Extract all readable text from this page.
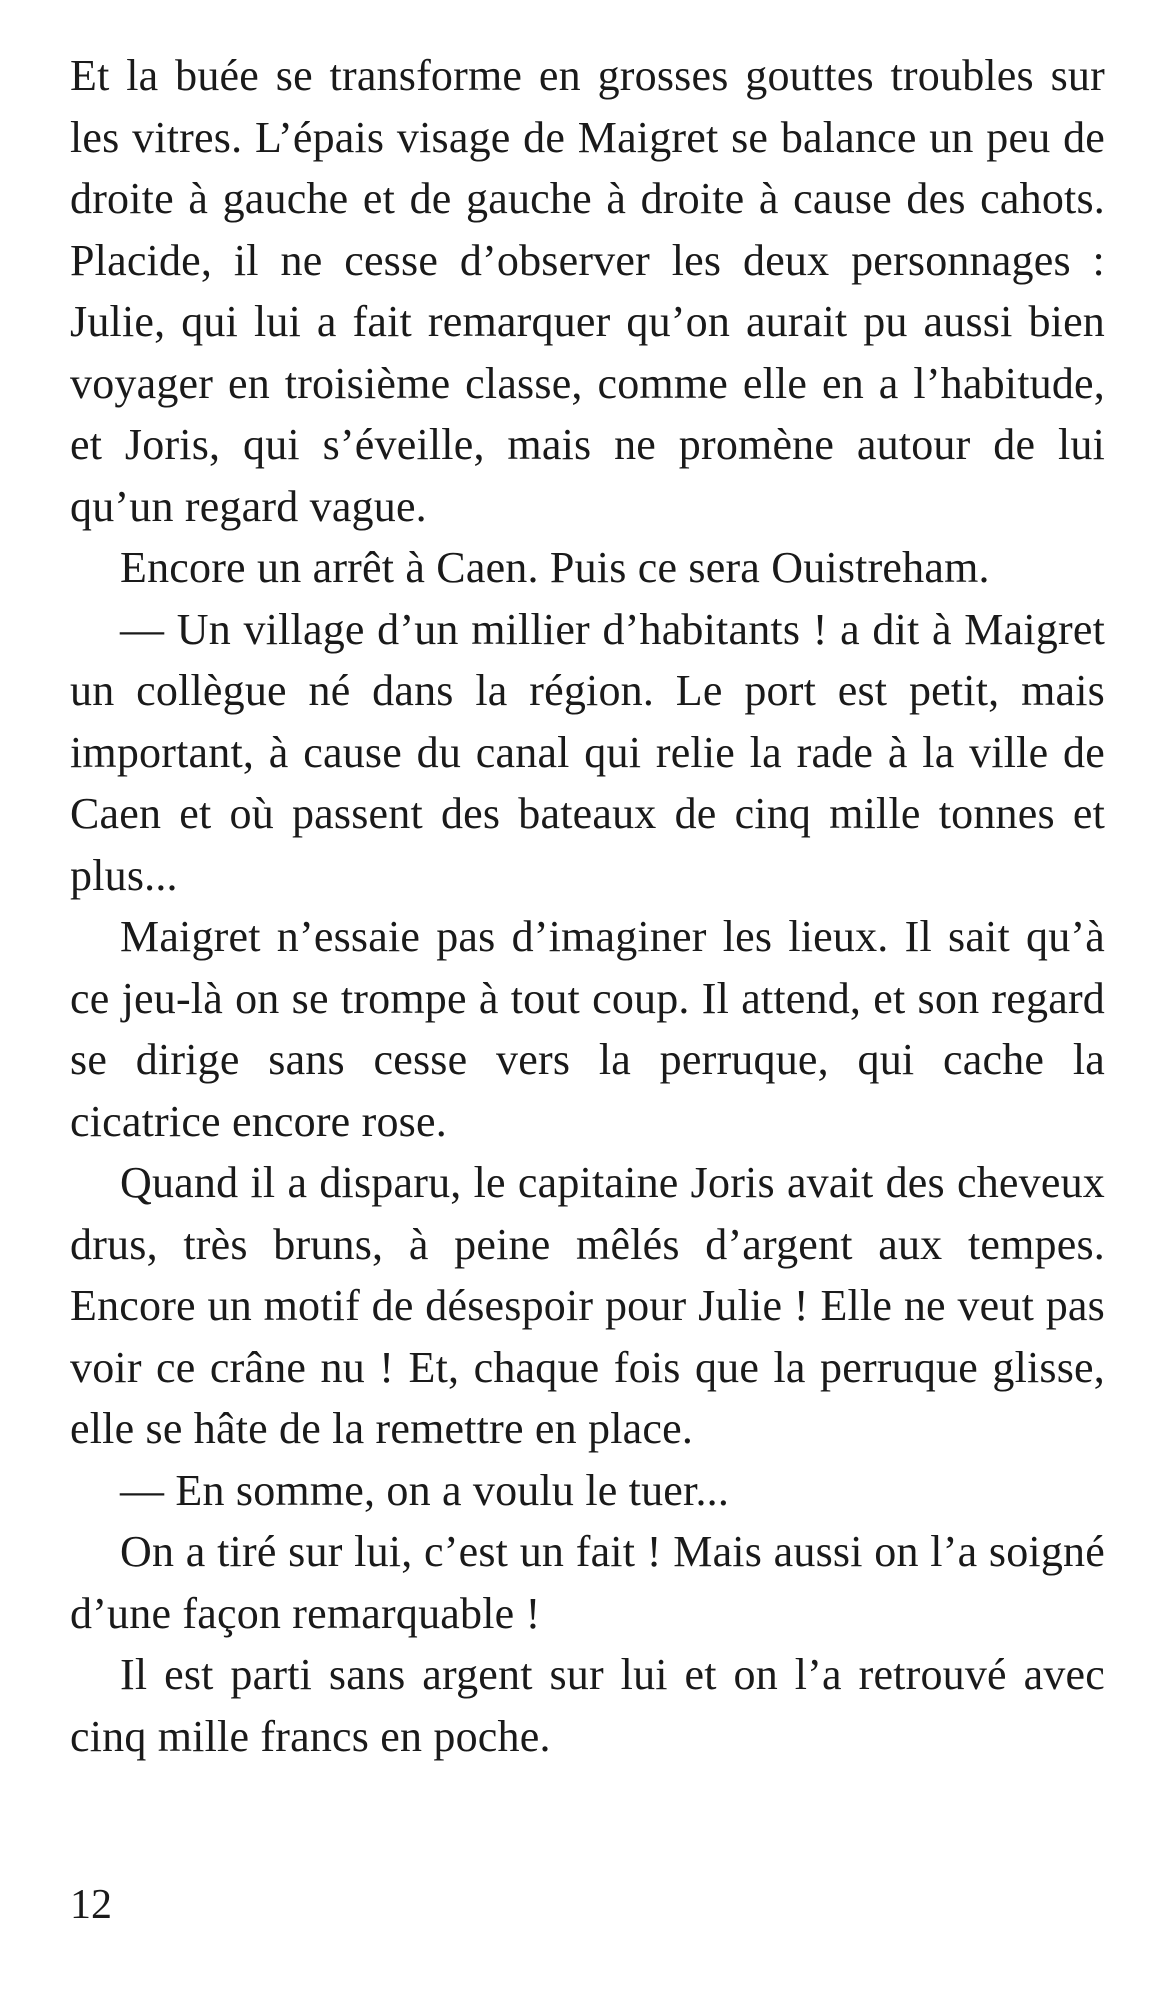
Et la buée se transforme en grosses gouttes troubles sur les vitres. L’épais visage de Maigret se balance un peu de droite à gauche et de gauche à droite à cause des cahots. Placide, il ne cesse d’observer les deux personnages : Julie, qui lui a fait remarquer qu’on aurait pu aussi bien voyager en troisième classe, comme elle en a l’habitude, et Joris, qui s’éveille, mais ne promène autour de lui qu’un regard vague.

Encore un arrêt à Caen. Puis ce sera Ouistreham.

— Un village d’un millier d’habitants ! a dit à Maigret un collègue né dans la région. Le port est petit, mais important, à cause du canal qui relie la rade à la ville de Caen et où passent des bateaux de cinq mille tonnes et plus...

Maigret n’essaie pas d’imaginer les lieux. Il sait qu’à ce jeu-là on se trompe à tout coup. Il attend, et son regard se dirige sans cesse vers la perruque, qui cache la cicatrice encore rose.

Quand il a disparu, le capitaine Joris avait des cheveux drus, très bruns, à peine mêlés d’argent aux tempes. Encore un motif de désespoir pour Julie ! Elle ne veut pas voir ce crâne nu ! Et, chaque fois que la perruque glisse, elle se hâte de la remettre en place.

— En somme, on a voulu le tuer...

On a tiré sur lui, c’est un fait ! Mais aussi on l’a soigné d’une façon remarquable !

Il est parti sans argent sur lui et on l’a retrouvé avec cinq mille francs en poche.

12
